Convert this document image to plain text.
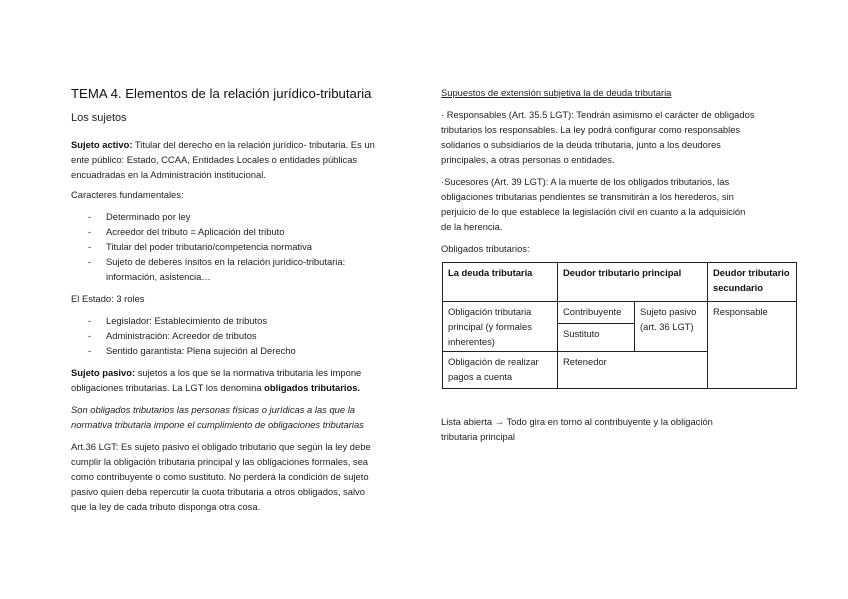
TEMA 4. Elementos de la relación jurídico-tributaria
Los sujetos
Sujeto activo: Titular del derecho en la relación jurídico- tributaria. Es un
ente público: Estado, CCAA, Entidades Locales o entidades públicas
encuadradas en la Administración institucional.
Caracteres fundamentales:
- Determinado por ley
- Acreedor del tributo = Aplicación del tributo
- Titular del poder tributario/competencia normativa
- Sujeto de deberes ínsitos en la relación jurídico-tributaria:
información, asistencia…
El Estado: 3 roles
- Legislador: Establecimiento de tributos
- Administración: Acreedor de tributos
- Sentido garantista: Plena sujeción al Derecho
Sujeto pasivo: sujetos a los que se la normativa tributaria les impone
obligaciones tributarias. La LGT los denomina obligados tributarios.
Son obligados tributarios las personas físicas o jurídicas a las que la
normativa tributaria impone el cumplimiento de obligaciones tributarias
Art.36 LGT: Es sujeto pasivo el obligado tributario que según la ley debe
cumplir la obligación tributaria principal y las obligaciones formales, sea
como contribuyente o como sustituto. No perderá la condición de sujeto
pasivo quien deba repercutir la cuota tributaria a otros obligados, salvo
que la ley de cada tributo disponga otra cosa.
Supuestos de extensión subjetiva la de deuda tributaria
· Responsables (Art. 35.5 LGT): Tendrán asimismo el carácter de obligados
tributarios los responsables. La ley podrá configurar como responsables
solidarios o subsidiarios de la deuda tributaria, junto a los deudores
principales, a otras personas o entidades.
·Sucesores (Art. 39 LGT): A la muerte de los obligados tributarios, las
obligaciones tributarias pendientes se transmitirán a los herederos, sin
perjuicio de lo que establece la legislación civil en cuanto a la adquisición
de la herencia.
Obligados tributarios:
La deuda tributaria	Deudor tributario principal		Deudor tributario secundario
Obligación tributaria principal (y formales inherentes)	Contribuyente	Sujeto pasivo (art. 36 LGT)	Responsable
	Sustituto		
Obligación de realizar pagos a cuenta	Retenedor		
Lista abierta → Todo gira en torno al contribuyente y la obligación
tributaria principal
